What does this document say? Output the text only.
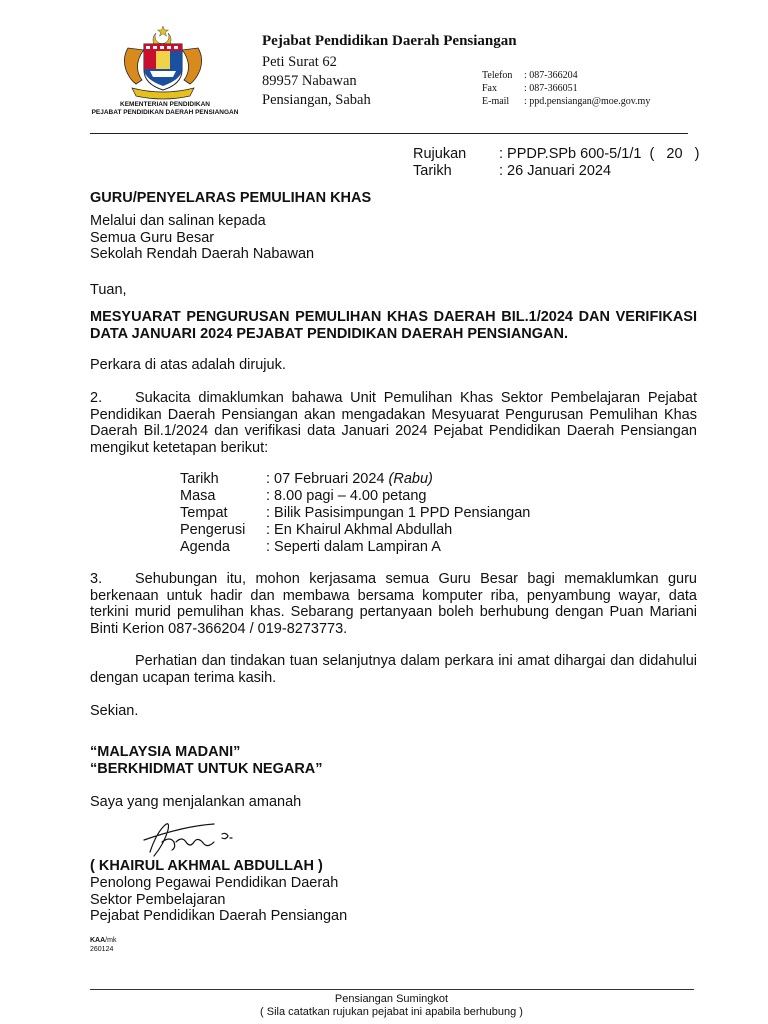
KEMENTERIAN PENDIDIKAN
PEJABAT PENDIDIKAN DAERAH PENSIANGAN
Pejabat Pendidikan Daerah Pensiangan
Peti Surat 62
89957 Nabawan
Pensiangan, Sabah
Telefon : 087-366204
Fax	: 087-366051
E-mail : ppd.pensiangan@moe.gov.my
Rujukan : PPDP.SPb 600-5/1/1  (   20   )
Tarikh	: 26 Januari 2024
GURU/PENYELARAS PEMULIHAN KHAS
Melalui dan salinan kepada
Semua Guru Besar
Sekolah Rendah Daerah Nabawan
Tuan,
MESYUARAT PENGURUSAN PEMULIHAN KHAS DAERAH BIL.1/2024 DAN VERIFIKASI DATA JANUARI 2024 PEJABAT PENDIDIKAN DAERAH PENSIANGAN.
Perkara di atas adalah dirujuk.
2. Sukacita dimaklumkan bahawa Unit Pemulihan Khas Sektor Pembelajaran Pejabat Pendidikan Daerah Pensiangan akan mengadakan Mesyuarat Pengurusan Pemulihan Khas Daerah Bil.1/2024 dan verifikasi data Januari 2024 Pejabat Pendidikan Daerah Pensiangan mengikut ketetapan berikut:
Tarikh	: 07 Februari 2024 (Rabu)
Masa	: 8.00 pagi – 4.00 petang
Tempat	: Bilik Pasisimpungan 1 PPD Pensiangan
Pengerusi : En Khairul Akhmal Abdullah
Agenda : Seperti dalam Lampiran A
3. Sehubungan itu, mohon kerjasama semua Guru Besar bagi memaklumkan guru berkenaan untuk hadir dan membawa bersama komputer riba, penyambung wayar, data terkini murid pemulihan khas. Sebarang pertanyaan boleh berhubung dengan Puan Mariani Binti Kerion 087-366204 / 019-8273773.
Perhatian dan tindakan tuan selanjutnya dalam perkara ini amat dihargai dan didahului dengan ucapan terima kasih.
Sekian.
“MALAYSIA MADANI”
“BERKHIDMAT UNTUK NEGARA”
Saya yang menjalankan amanah
( KHAIRUL AKHMAL ABDULLAH )
Penolong Pegawai Pendidikan Daerah
Sektor Pembelajaran
Pejabat Pendidikan Daerah Pensiangan
KAA/mk
260124
Pensiangan Sumingkot
( Sila catatkan rujukan pejabat ini apabila berhubung )
